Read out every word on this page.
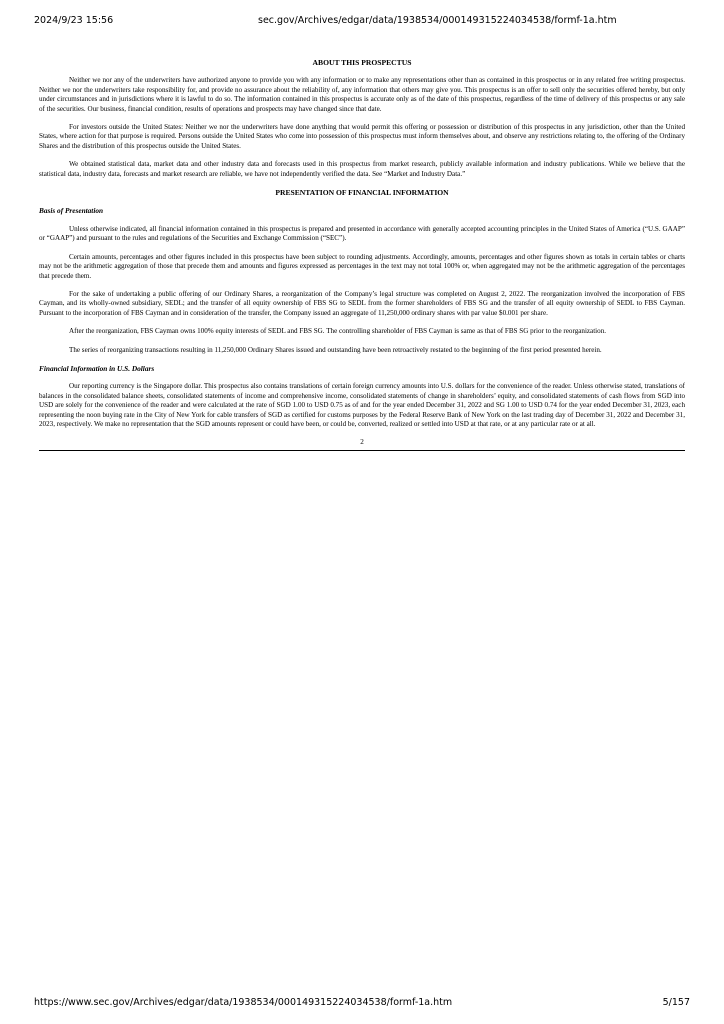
2024/9/23 15:56	sec.gov/Archives/edgar/data/1938534/000149315224034538/formf-1a.htm
ABOUT THIS PROSPECTUS

Neither we nor any of the underwriters have authorized anyone to provide you with any information or to make any representations other than as contained in this prospectus or in any related free writing prospectus. Neither we nor the underwriters take responsibility for, and provide no assurance about the reliability of, any information that others may give you. This prospectus is an offer to sell only the securities offered hereby, but only under circumstances and in jurisdictions where it is lawful to do so. The information contained in this prospectus is accurate only as of the date of this prospectus, regardless of the time of delivery of this prospectus or any sale of the securities. Our business, financial condition, results of operations and prospects may have changed since that date.

For investors outside the United States: Neither we nor the underwriters have done anything that would permit this offering or possession or distribution of this prospectus in any jurisdiction, other than the United States, where action for that purpose is required. Persons outside the United States who come into possession of this prospectus must inform themselves about, and observe any restrictions relating to, the offering of the Ordinary Shares and the distribution of this prospectus outside the United States.

We obtained statistical data, market data and other industry data and forecasts used in this prospectus from market research, publicly available information and industry publications. While we believe that the statistical data, industry data, forecasts and market research are reliable, we have not independently verified the data. See “Market and Industry Data.”

PRESENTATION OF FINANCIAL INFORMATION
Basis of Presentation

Unless otherwise indicated, all financial information contained in this prospectus is prepared and presented in accordance with generally accepted accounting principles in the United States of America (“U.S. GAAP” or “GAAP”) and pursuant to the rules and regulations of the Securities and Exchange Commission (“SEC”).

Certain amounts, percentages and other figures included in this prospectus have been subject to rounding adjustments. Accordingly, amounts, percentages and other figures shown as totals in certain tables or charts may not be the arithmetic aggregation of those that precede them and amounts and figures expressed as percentages in the text may not total 100% or, when aggregated may not be the arithmetic aggregation of the percentages that precede them.

For the sake of undertaking a public offering of our Ordinary Shares, a reorganization of the Company’s legal structure was completed on August 2, 2022. The reorganization involved the incorporation of FBS Cayman, and its wholly-owned subsidiary, SEDL; and the transfer of all equity ownership of FBS SG to SEDL from the former shareholders of FBS SG and the transfer of all equity ownership of SEDL to FBS Cayman. Pursuant to the incorporation of FBS Cayman and in consideration of the transfer, the Company issued an aggregate of 11,250,000 ordinary shares with par value $0.001 per share.

After the reorganization, FBS Cayman owns 100% equity interests of SEDL and FBS SG. The controlling shareholder of FBS Cayman is same as that of FBS SG prior to the reorganization.

The series of reorganizing transactions resulting in 11,250,000 Ordinary Shares issued and outstanding have been retroactively restated to the beginning of the first period presented herein.

Financial Information in U.S. Dollars

Our reporting currency is the Singapore dollar. This prospectus also contains translations of certain foreign currency amounts into U.S. dollars for the convenience of the reader. Unless otherwise stated, translations of balances in the consolidated balance sheets, consolidated statements of income and comprehensive income, consolidated statements of change in shareholders’ equity, and consolidated statements of cash flows from SGD into USD are solely for the convenience of the reader and were calculated at the rate of SGD 1.00 to USD 0.75 as of and for the year ended December 31, 2022 and SG 1.00 to USD 0.74 for the year ended December 31, 2023, each representing the noon buying rate in the City of New York for cable transfers of SGD as certified for customs purposes by the Federal Reserve Bank of New York on the last trading day of December 31, 2022 and December 31, 2023, respectively. We make no representation that the SGD amounts represent or could have been, or could be, converted, realized or settled into USD at that rate, or at any particular rate or at all.

2
https://www.sec.gov/Archives/edgar/data/1938534/000149315224034538/formf-1a.htm	5/157
